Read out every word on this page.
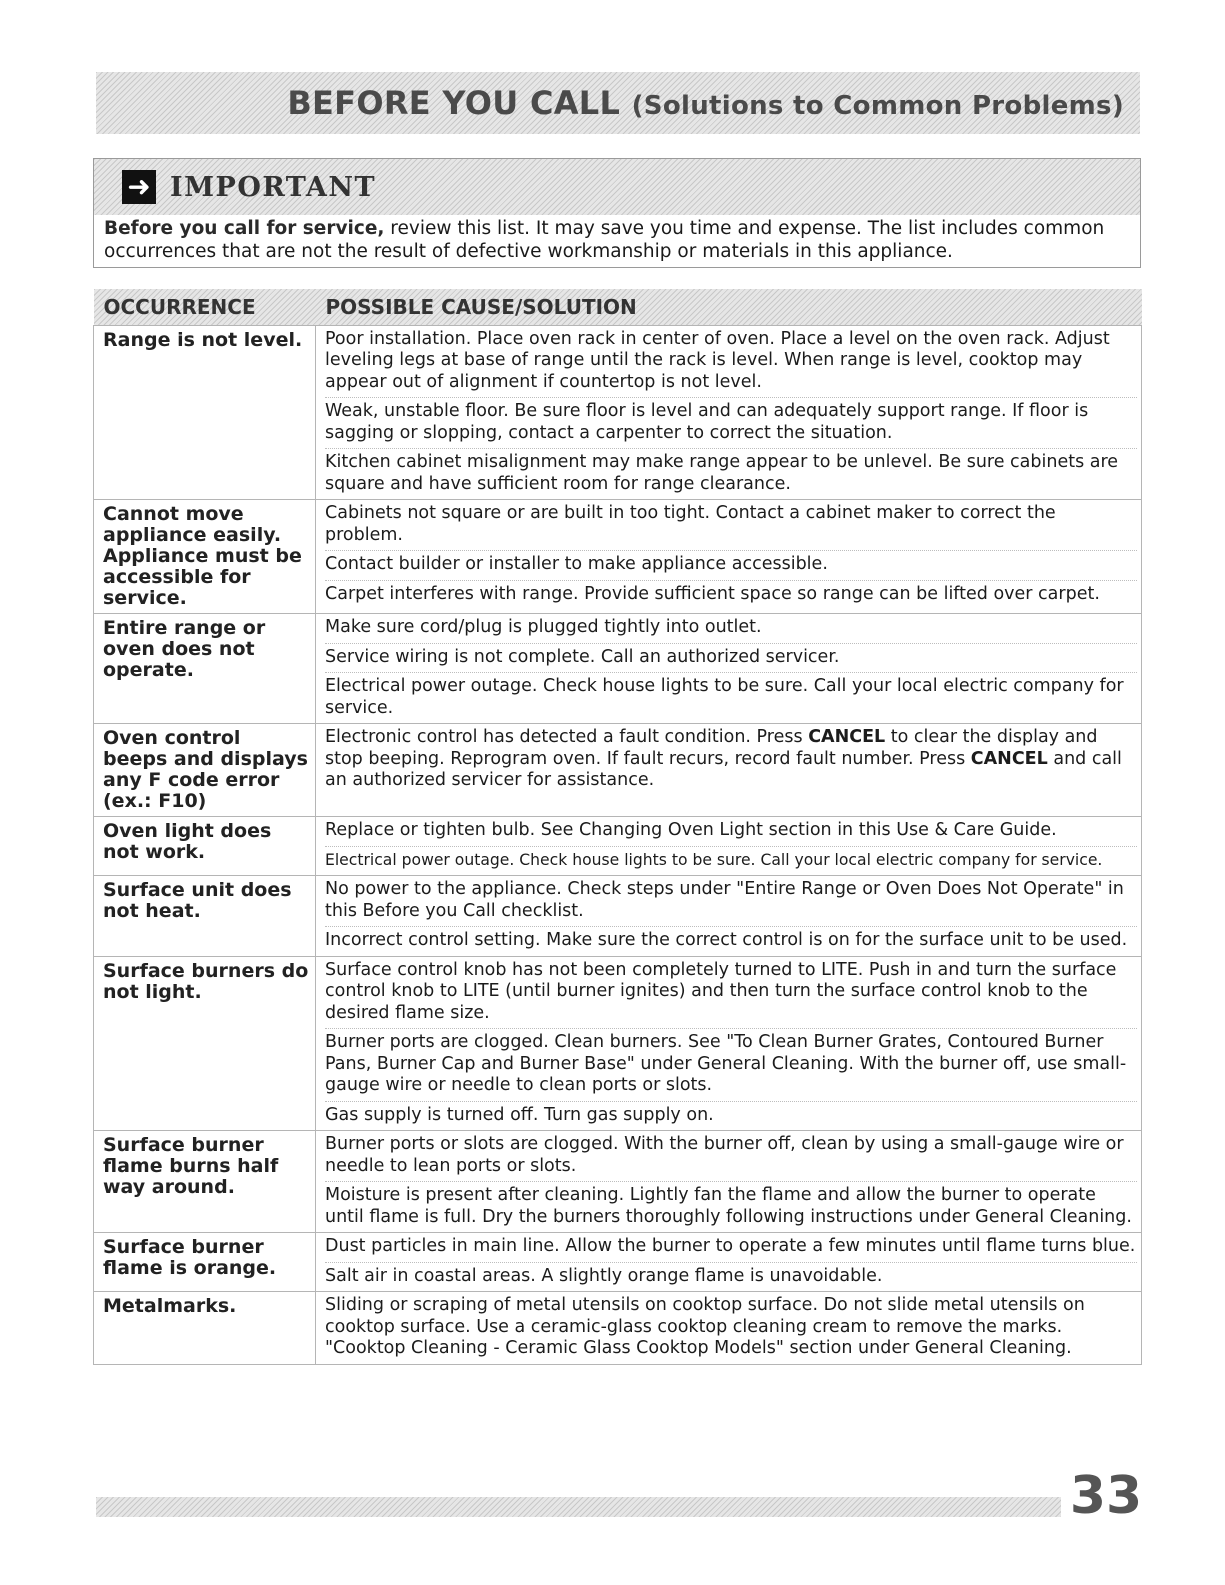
BEFORE YOU CALL (Solutions to Common Problems)
➜ IMPORTANT
Before you call for service, review this list. It may save you time and expense. The list includes common occurrences that are not the result of defective workmanship or materials in this appliance.
OCCURRENCE	POSSIBLE CAUSE/SOLUTION
Range is not level.	Poor installation. Place oven rack in center of oven. Place a level on the oven rack. Adjust leveling legs at base of range until the rack is level. When range is level, cooktop may appear out of alignment if countertop is not level.
Weak, unstable floor. Be sure floor is level and can adequately support range. If floor is sagging or slopping, contact a carpenter to correct the situation.
Kitchen cabinet misalignment may make range appear to be unlevel. Be sure cabinets are square and have sufficient room for range clearance.

Cannot move appliance easily. Appliance must be accessible for service.	Cabinets not square or are built in too tight. Contact a cabinet maker to correct the problem.
Contact builder or installer to make appliance accessible.
Carpet interferes with range. Provide sufficient space so range can be lifted over carpet.

Entire range or oven does not operate.	Make sure cord/plug is plugged tightly into outlet.
Service wiring is not complete. Call an authorized servicer.
Electrical power outage. Check house lights to be sure. Call your local electric company for service.

Oven control beeps and displays any F code error (ex.: F10)	Electronic control has detected a fault condition. Press CANCEL to clear the display and stop beeping. Reprogram oven. If fault recurs, record fault number. Press CANCEL and call an authorized servicer for assistance.

Oven light does not work.	Replace or tighten bulb. See Changing Oven Light section in this Use & Care Guide.
Electrical power outage. Check house lights to be sure. Call your local electric company for service.

Surface unit does not heat.	No power to the appliance. Check steps under "Entire Range or Oven Does Not Operate" in this Before you Call checklist.
Incorrect control setting. Make sure the correct control is on for the surface unit to be used.

Surface burners do not light.	Surface control knob has not been completely turned to LITE. Push in and turn the surface control knob to LITE (until burner ignites) and then turn the surface control knob to the desired flame size.
Burner ports are clogged. Clean burners. See "To Clean Burner Grates, Contoured Burner Pans, Burner Cap and Burner Base" under General Cleaning. With the burner off, use small-gauge wire or needle to clean ports or slots.
Gas supply is turned off. Turn gas supply on.

Surface burner flame burns half way around.	Burner ports or slots are clogged. With the burner off, clean by using a small-gauge wire or needle to lean ports or slots.
Moisture is present after cleaning. Lightly fan the flame and allow the burner to operate until flame is full. Dry the burners thoroughly following instructions under General Cleaning.

Surface burner flame is orange.	Dust particles in main line. Allow the burner to operate a few minutes until flame turns blue.
Salt air in coastal areas. A slightly orange flame is unavoidable.

Metalmarks.	Sliding or scraping of metal utensils on cooktop surface. Do not slide metal utensils on cooktop surface. Use a ceramic-glass cooktop cleaning cream to remove the marks. "Cooktop Cleaning - Ceramic Glass Cooktop Models" section under General Cleaning.
33
